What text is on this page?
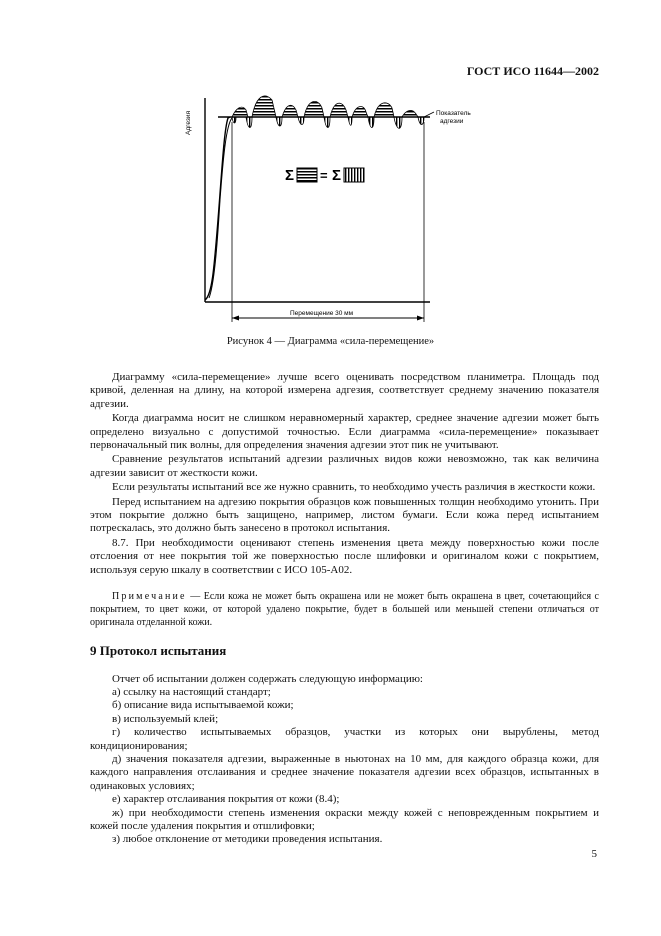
ГОСТ ИСО 11644—2002
Адгезия	Показатель
адгезии
Σ = Σ
Перемещение 30 мм
Рисунок 4 — Диаграмма «сила-перемещение»

Диаграмму «сила-перемещение» лучше всего оценивать посредством планиметра. Площадь под кривой, деленная на длину, на которой измерена адгезия, соответствует среднему значению показателя адгезии.

Когда диаграмма носит не слишком неравномерный характер, среднее значение адгезии может быть определено визуально с допустимой точностью. Если диаграмма «сила-перемещение» показывает первоначальный пик волны, для определения значения адгезии этот пик не учитывают.

Сравнение результатов испытаний адгезии различных видов кожи невозможно, так как величина адгезии зависит от жесткости кожи.

Если результаты испытаний все же нужно сравнить, то необходимо учесть различия в жесткости кожи.

Перед испытанием на адгезию покрытия образцов кож повышенных толщин необходимо утонить. При этом покрытие должно быть защищено, например, листом бумаги. Если кожа перед испытанием потрескалась, это должно быть занесено в протокол испытания.

8.7. При необходимости оценивают степень изменения цвета между поверхностью кожи после отслоения от нее покрытия той же поверхностью после шлифовки и оригиналом кожи с покрытием, используя серую шкалу в соответствии с ИСО 105-А02.

Примечание — Если кожа не может быть окрашена или не может быть окрашена в цвет, сочетающийся с покрытием, то цвет кожи, от которой удалено покрытие, будет в большей или меньшей степени отличаться от оригинала отделанной кожи.

9 Протокол испытания

Отчет об испытании должен содержать следующую информацию:

а) ссылку на настоящий стандарт;

б) описание вида испытываемой кожи;

в) используемый клей;

г) количество испытываемых образцов, участки из которых они вырублены, метод кондиционирования;

д) значения показателя адгезии, выраженные в ньютонах на 10 мм, для каждого образца кожи, для каждого направления отслаивания и среднее значение показателя адгезии всех образцов, испытанных в одинаковых условиях;

е) характер отслаивания покрытия от кожи (8.4);

ж) при необходимости степень изменения окраски между кожей с неповрежденным покрытием и кожей после удаления покрытия и отшлифовки;

з) любое отклонение от методики проведения испытания.

5
